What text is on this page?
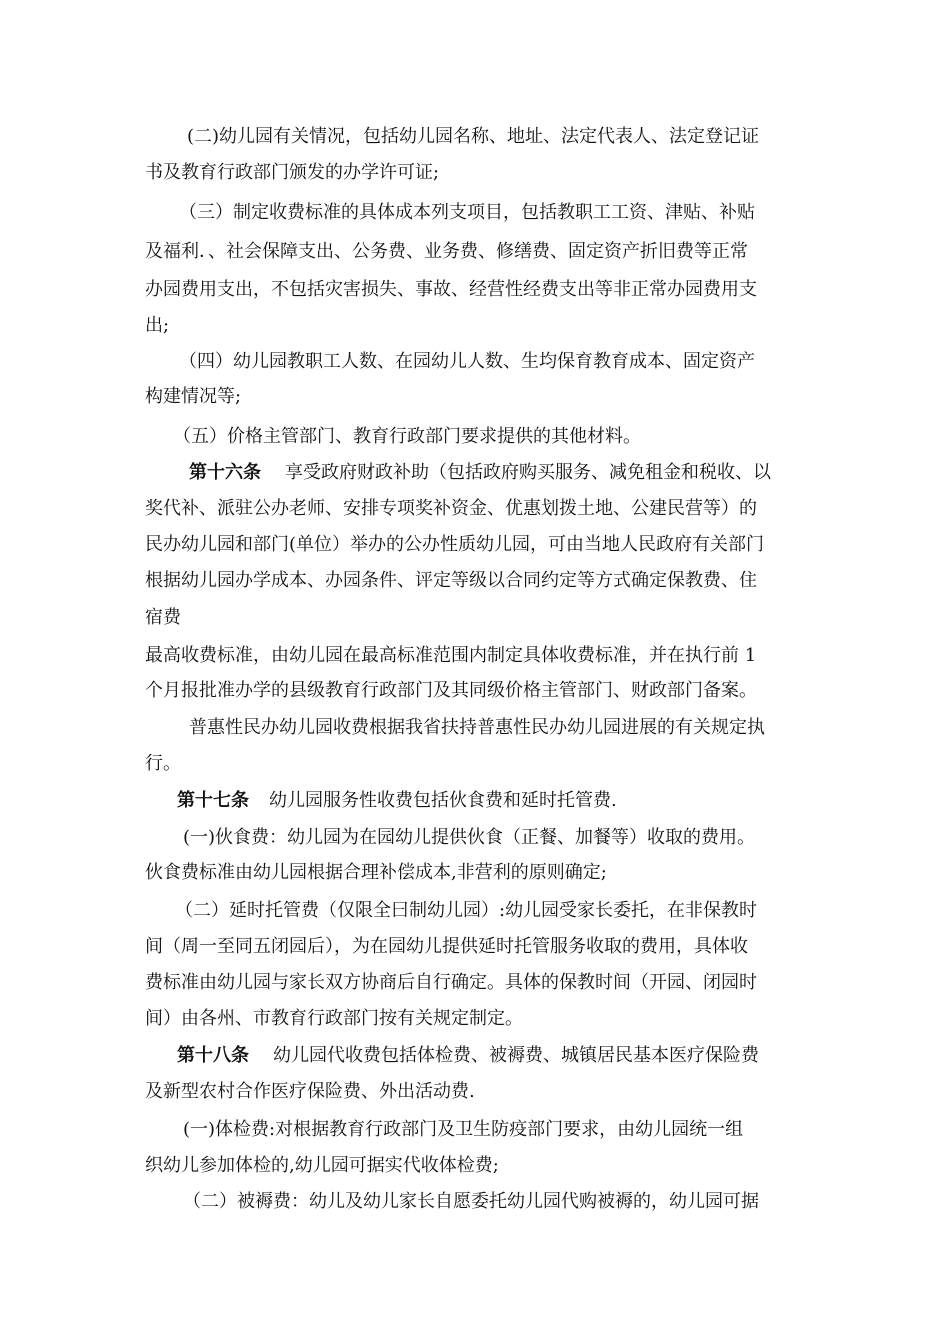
(二)幼儿园有关情况，包括幼儿园名称、地址、法定代表人、法定登记证
书及教育行政部门颁发的办学许可证;
（三）制定收费标准的具体成本列支项目，包括教职工工资、津贴、补贴
及福利．、社会保障支出、公务费、业务费、修缮费、固定资产折旧费等正常
办园费用支出，不包括灾害损失、事故、经营性经费支出等非正常办园费用支
出;
（四）幼儿园教职工人数、在园幼儿人数、生均保育教育成本、固定资产
构建情况等;
（五）价格主管部门、教育行政部门要求提供的其他材料。
第十六条 享受政府财政补助（包括政府购买服务、减免租金和税收、以
奖代补、派驻公办老师、安排专项奖补资金、优惠划拨土地、公建民营等）的
民办幼儿园和部门(单位）举办的公办性质幼儿园，可由当地人民政府有关部门
根据幼儿园办学成本、办园条件、评定等级以合同约定等方式确定保教费、住
宿费
最高收费标准，由幼儿园在最高标准范围内制定具体收费标准，并在执行前 1
个月报批准办学的县级教育行政部门及其同级价格主管部门、财政部门备案。
普惠性民办幼儿园收费根据我省扶持普惠性民办幼儿园进展的有关规定执
行。
第十七条 幼儿园服务性收费包括伙食费和延时托管费.
(一)伙食费：幼儿园为在园幼儿提供伙食（正餐、加餐等）收取的费用。
伙食费标准由幼儿园根据合理补偿成本,非营利的原则确定;
（二）延时托管费（仅限全曰制幼儿园）:幼儿园受家长委托，在非保教时
间（周一至同五闭园后），为在园幼儿提供延时托管服务收取的费用，具体收
费标准由幼儿园与家长双方协商后自行确定。具体的保教时间（开园、闭园时
间）由各州、市教育行政部门按有关规定制定。
第十八条 幼儿园代收费包括体检费、被褥费、城镇居民基本医疗保险费
及新型农村合作医疗保险费、外出活动费.
(一)体检费:对根据教育行政部门及卫生防疫部门要求，由幼儿园统一组
织幼儿参加体检的,幼儿园可据实代收体检费;
（二）被褥费：幼儿及幼儿家长自愿委托幼儿园代购被褥的，幼儿园可据
